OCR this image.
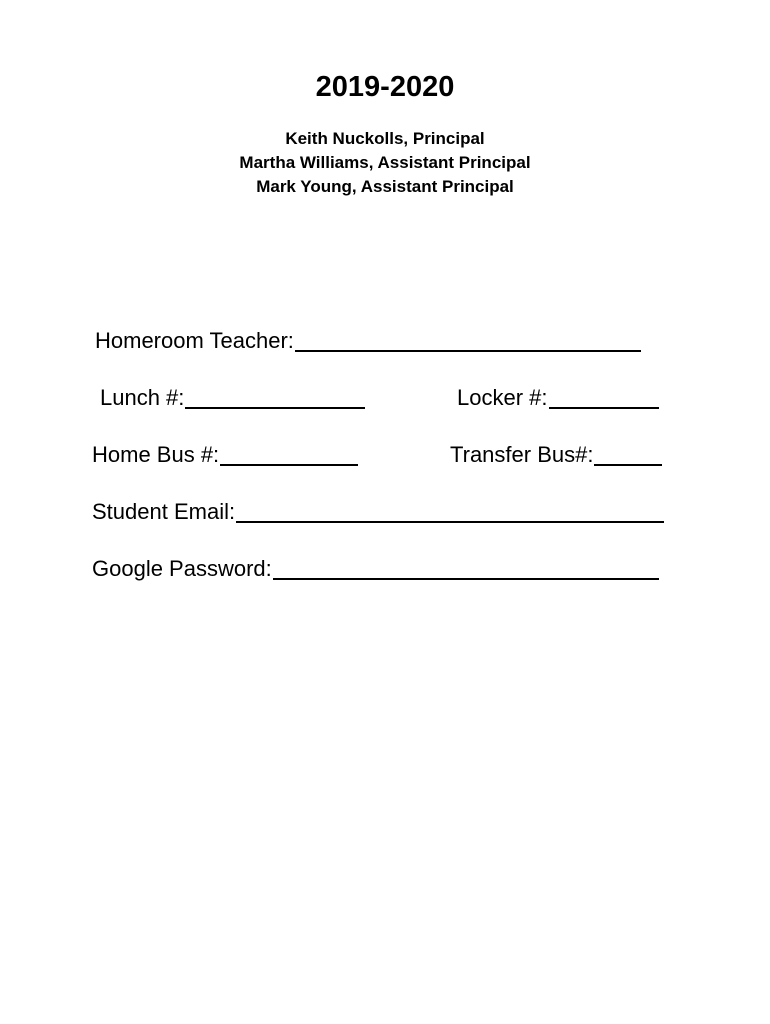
2019-2020
Keith Nuckolls, Principal
Martha Williams, Assistant Principal
Mark Young, Assistant Principal
Homeroom Teacher:
Lunch #:	Locker #:
Home Bus #:	Transfer Bus#:
Student Email:
Google Password:
